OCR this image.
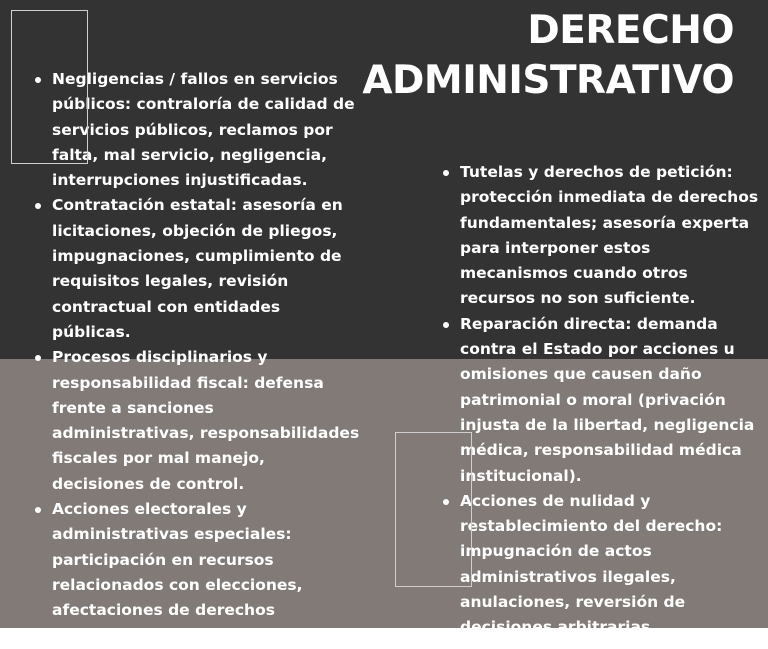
DERECHO
ADMINISTRATIVO
Negligencias / fallos en servicios públicos: contraloría de calidad de servicios públicos, reclamos por falta, mal servicio, negligencia, interrupciones injustificadas.
Contratación estatal: asesoría en licitaciones, objeción de pliegos, impugnaciones, cumplimiento de requisitos legales, revisión contractual con entidades públicas.
Procesos disciplinarios y responsabilidad fiscal: defensa frente a sanciones administrativas, responsabilidades fiscales por mal manejo, decisiones de control.
Acciones electorales y administrativas especiales: participación en recursos relacionados con elecciones, afectaciones de derechos políticos, normativas electorales.
Tutelas y derechos de petición: protección inmediata de derechos fundamentales; asesoría experta para interponer estos mecanismos cuando otros recursos no son suficiente.
Reparación directa: demanda contra el Estado por acciones u omisiones que causen daño patrimonial o moral (privación injusta de la libertad, negligencia médica, responsabilidad médica institucional).
Acciones de nulidad y restablecimiento del derecho: impugnación de actos administrativos ilegales, anulaciones, reversión de decisiones arbitrarias.
